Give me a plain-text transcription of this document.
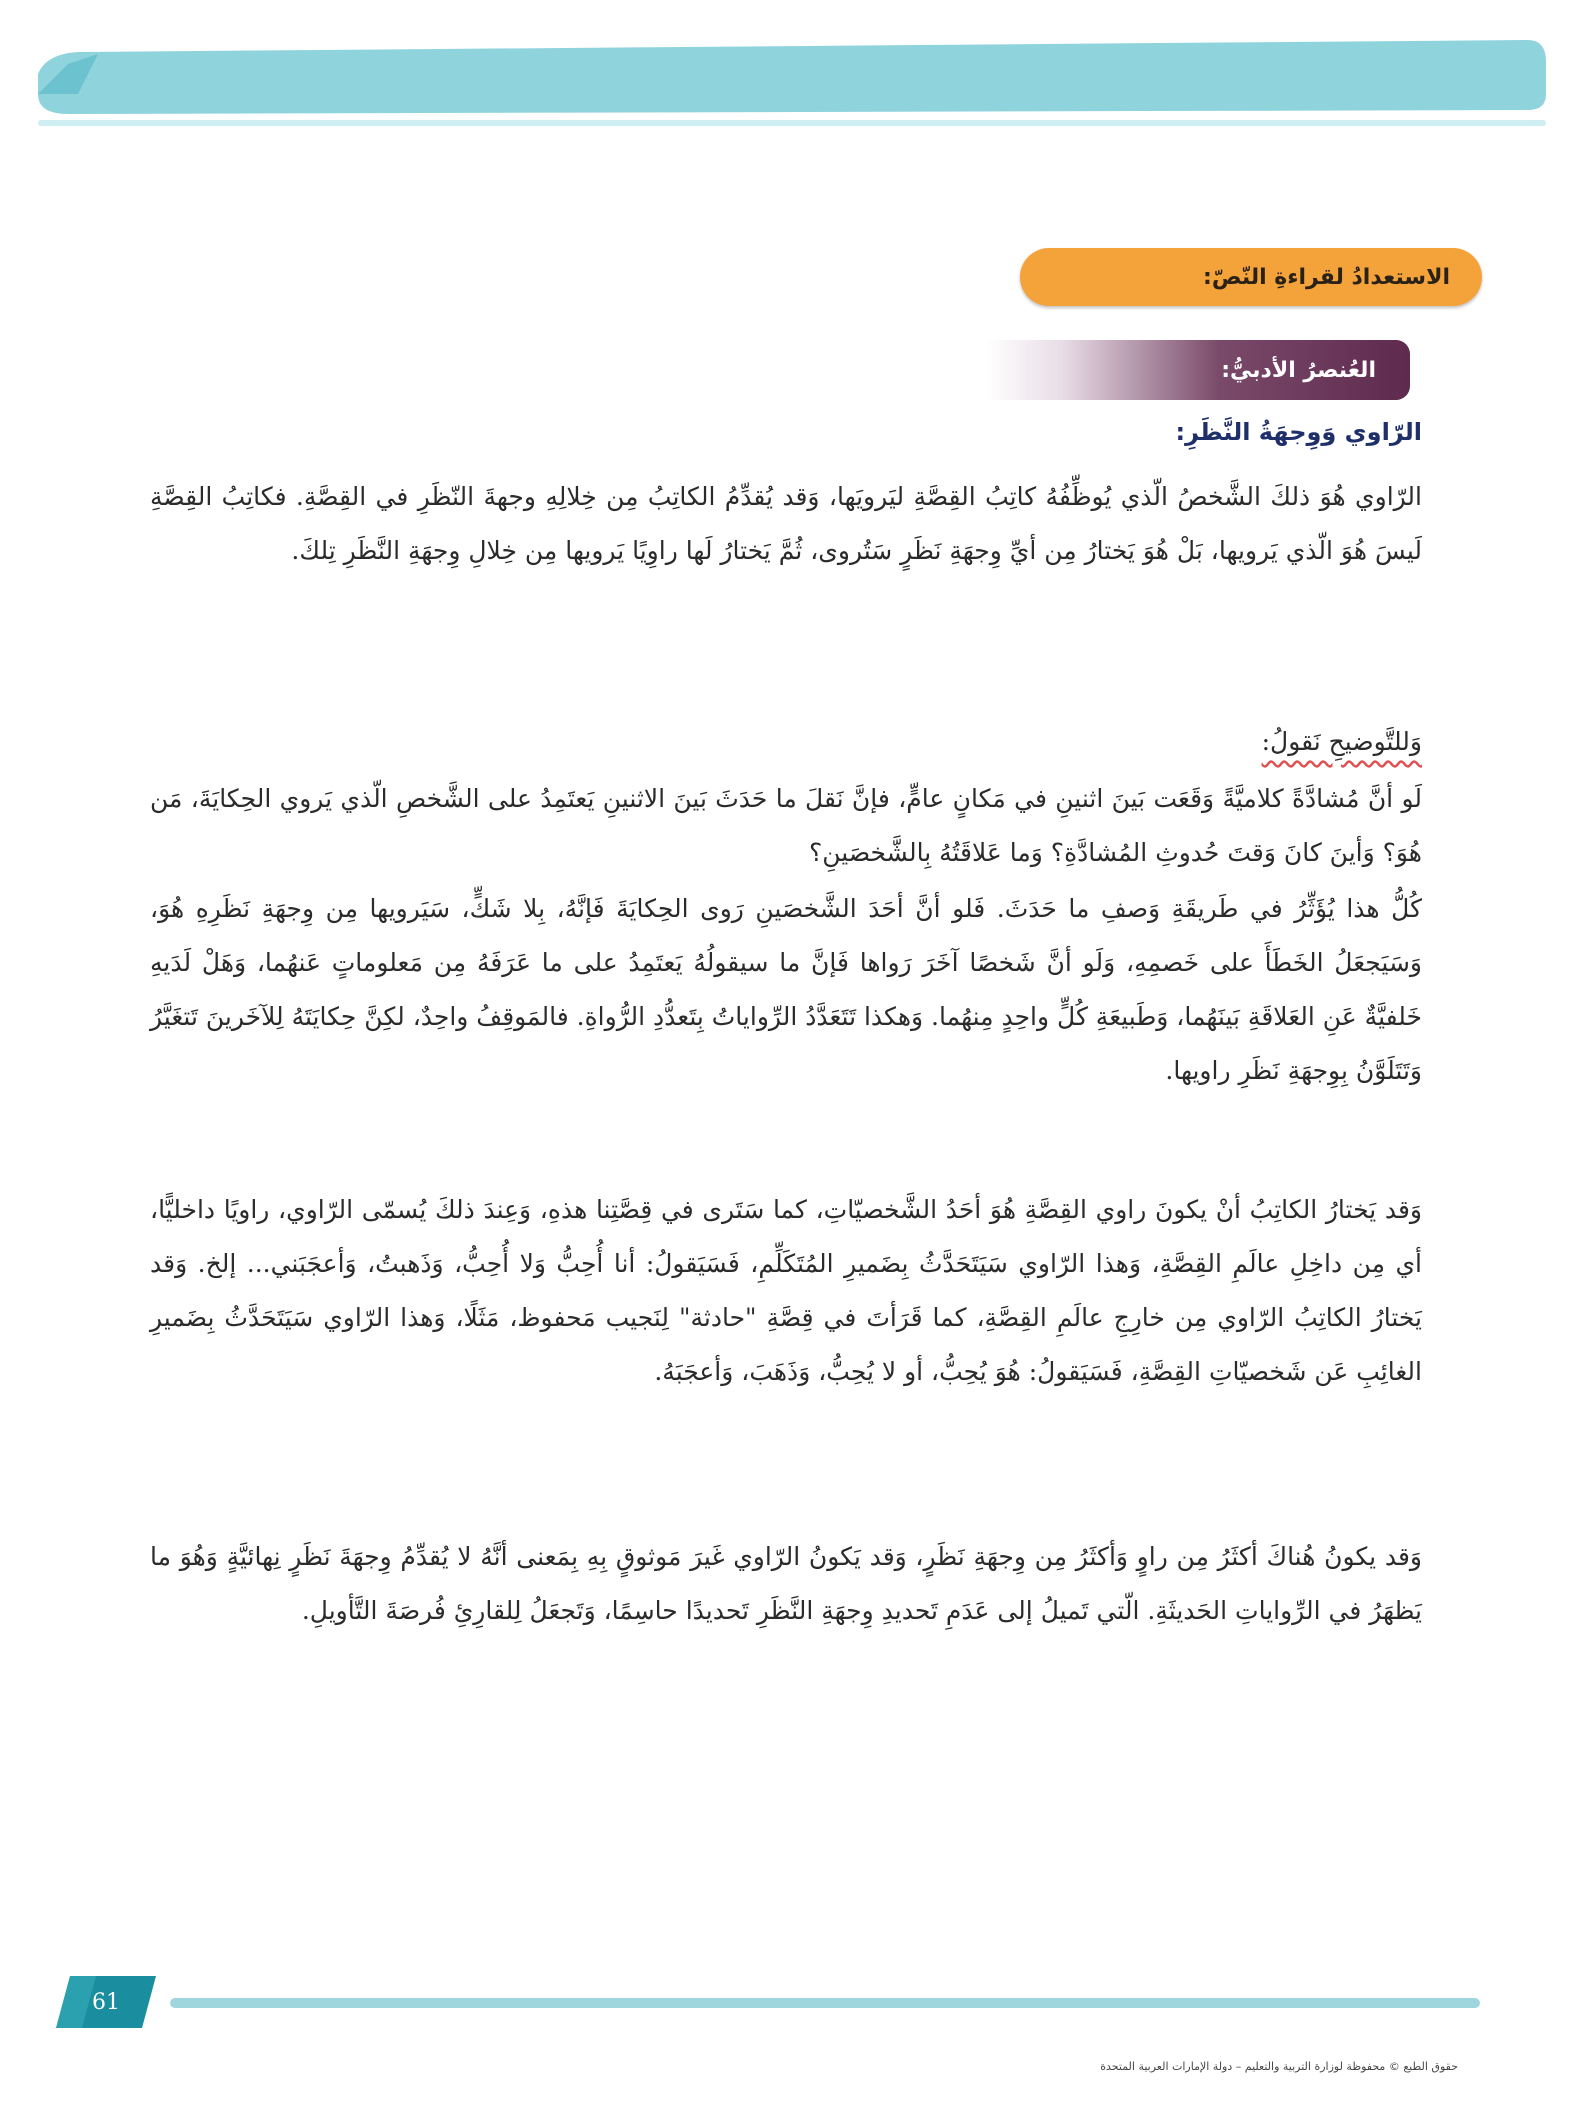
الاستعدادُ لقراءةِ النّصّ:
العُنصرُ الأدبيُّ:
الرّاوي وَوِجهَةُ النَّظَرِ:

الرّاوي هُوَ ذلكَ الشَّخصُ الّذي يُوظِّفُهُ كاتِبُ القِصَّةِ ليَرويَها، وَقد يُقدِّمُ الكاتِبُ مِن خِلالِهِ وجهةَ النّظَرِ في القِصَّةِ. فكاتِبُ القِصَّةِ لَيسَ هُوَ الّذي يَرويها، بَلْ هُوَ يَختارُ مِن أيِّ وِجهَةِ نَظَرٍ سَتُروى، ثُمَّ يَختارُ لَها راوِيًا يَرويها مِن خِلالِ وِجهَةِ النَّظَرِ تِلكَ.

وَللتَّوضيحِ نَقولُ:

لَو أنَّ مُشادَّةً كلاميَّةً وَقَعَت بَينَ اثنينِ في مَكانٍ عامٍّ، فإنَّ نَقلَ ما حَدَثَ بَينَ الاثنينِ يَعتَمِدُ على الشَّخصِ الّذي يَروي الحِكايَةَ، مَن هُوَ؟ وَأينَ كانَ وَقتَ حُدوثِ المُشادَّةِ؟ وَما عَلاقَتُهُ بِالشَّخصَينِ؟

كُلُّ هذا يُؤَثِّرُ في طَريقَةِ وَصفِ ما حَدَثَ. فَلو أنَّ أحَدَ الشَّخصَينِ رَوى الحِكايَةَ فَإنَّهُ، بِلا شَكٍّ، سَيَرويها مِن وِجهَةِ نَظَرِهِ هُوَ، وَسَيَجعَلُ الخَطَأَ على خَصمِهِ، وَلَو أنَّ شَخصًا آخَرَ رَواها فَإنَّ ما سيقولُهُ يَعتَمِدُ على ما عَرَفَهُ مِن مَعلوماتٍ عَنهُما، وَهَلْ لَدَيهِ خَلفيَّةٌ عَنِ العَلاقَةِ بَينَهُما، وَطَبيعَةِ كُلٍّ واحِدٍ مِنهُما. وَهكذا تَتَعَدَّدُ الرِّواياتُ بِتَعدُّدِ الرُّواةِ. فالمَوقِفُ واحِدٌ، لكِنَّ حِكايَتَهُ لِلآخَرينَ تَتغَيَّرُ وَتَتَلَوَّنُ بِوِجهَةِ نَظَرِ راويها.

وَقد يَختارُ الكاتِبُ أنْ يكونَ راوي القِصَّةِ هُوَ أحَدُ الشَّخصيّاتِ، كما سَتَرى في قِصَّتِنا هذهِ، وَعِندَ ذلكَ يُسمّى الرّاوي، راويًا داخليًّا، أي مِن داخِلِ عالَمِ القِصَّةِ، وَهذا الرّاوي سَيَتَحَدَّثُ بِضَميرِ المُتَكَلِّمِ، فَسَيَقولُ: أنا أُحِبُّ وَلا أُحِبُّ، وَذَهبتُ، وَأعجَبَني... إلخ. وَقد يَختارُ الكاتِبُ الرّاوي مِن خارِجِ عالَمِ القِصَّةِ، كما قَرَأتَ في قِصَّةِ "حادثة" لِنَجيب مَحفوظ، مَثَلًا، وَهذا الرّاوي سَيَتَحَدَّثُ بِضَميرِ الغائِبِ عَن شَخصيّاتِ القِصَّةِ، فَسَيَقولُ: هُوَ يُحِبُّ، أو لا يُحِبُّ، وَذَهَبَ، وَأعجَبَهُ.

وَقد يكونُ هُناكَ أكثَرُ مِن راوٍ وَأكثَرُ مِن وِجهَةِ نَظَرٍ، وَقد يَكونُ الرّاوي غَيرَ مَوثوقٍ بِهِ بِمَعنى أنَّهُ لا يُقدِّمُ وِجهَةَ نَظَرٍ نِهائيَّةٍ وَهُوَ ما يَظهَرُ في الرِّواياتِ الحَديثَةِ. الّتي تَميلُ إلى عَدَمِ تَحديدِ وِجهَةِ النَّظَرِ تَحديدًا حاسِمًا، وَتَجعَلُ لِلقارِئِ فُرصَةَ التَّأويلِ.

61
حقوق الطبع © محفوظة لوزارة التربية والتعليم – دولة الإمارات العربية المتحدة
